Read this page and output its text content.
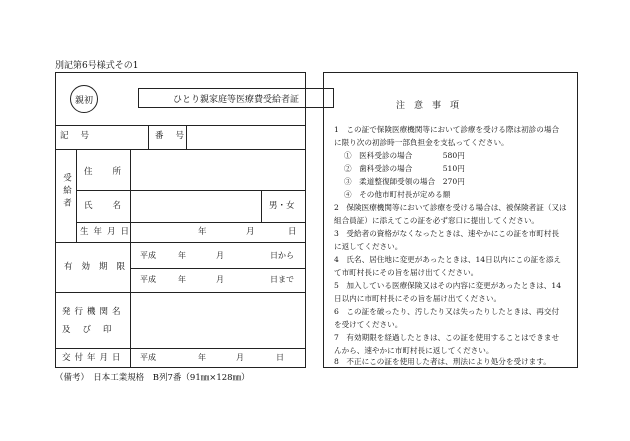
別記第6号様式その1
親初	ひとり親家庭等医療費受給者証
記号	番号
受給者
住所
氏名	男・女
生年月日	年	月	日
有効期限
平成	年	月	日から
平成	年	月	日まで
発行機関名
及び印
交付年月日 平成	年	月	日
（備考）　日本工業規格　B列7番（91㎜×128㎜）
注　意　事　項
1　この証で保険医療機関等において診療を受ける際は初診の場合
に限り次の初診時一部負担金を支払ってください。
①　医科受診の場合　　　　580円
②　歯科受診の場合　　　　510円
③　柔道整復師受領の場合　270円
④　その他市町村長が定める額
2　保険医療機関等において診療を受ける場合は、被保険者証（又は
組合員証）に添えてこの証を必ず窓口に提出してください。
3　受給者の資格がなくなったときは、速やかにこの証を市町村長
に返してください。
4　氏名、居住地に変更があったときは、14日以内にこの証を添え
て市町村長にその旨を届け出てください。
5　加入している医療保険又はその内容に変更があったときは、14
日以内に市町村長にその旨を届け出てください。
6　この証を破ったり、汚したり又は失ったりしたときは、再交付
を受けてください。
7　有効期限を経過したときは、この証を使用することはできませ
んから、速やかに市町村長に返してください。
8　不正にこの証を使用した者は、刑法により処分を受けます。
